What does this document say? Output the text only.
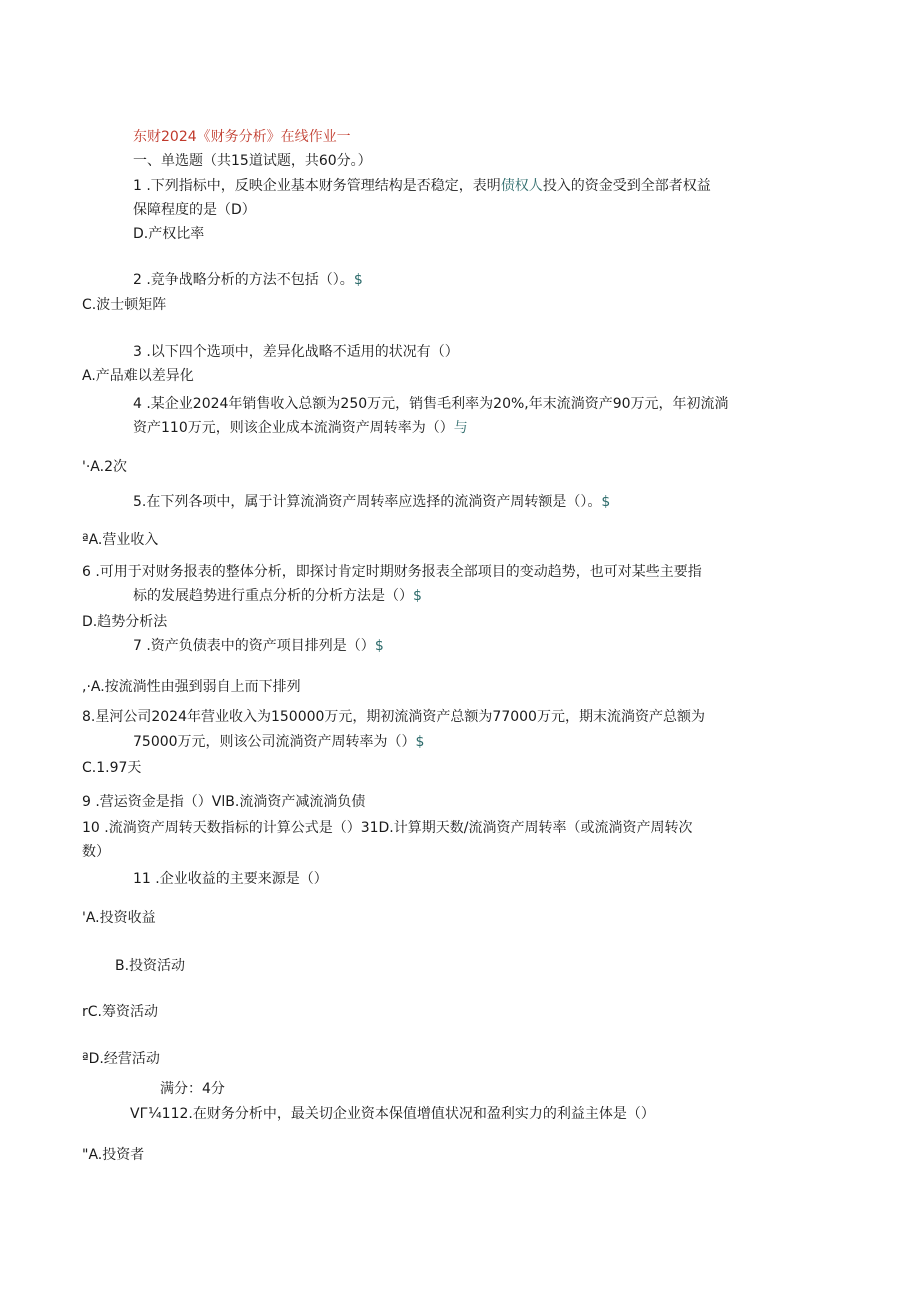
东财2024《财务分析》在线作业一
一、单选题（共15道试题，共60分。）
1 .下列指标中，反映企业基本财务管理结构是否稳定，表明债权人投入的资金受到全部者权益
保障程度的是（D）
D.产权比率
2 .竞争战略分析的方法不包括（）。$
C.波士顿矩阵
3 .以下四个选项中，差异化战略不适用的状况有（）
A.产品难以差异化
4 .某企业2024年销售收入总额为250万元，销售毛利率为20%,年末流淌资产90万元，年初流淌
资产110万元，则该企业成本流淌资产周转率为（）与
'·A.2次
5.在下列各项中，属于计算流淌资产周转率应选择的流淌资产周转额是（）。$
ªA.营业收入
6 .可用于对财务报表的整体分析，即探讨肯定时期财务报表全部项目的变动趋势，也可对某些主要指
标的发展趋势进行重点分析的分析方法是（）$
D.趋势分析法
7 .资产负债表中的资产项目排列是（）$
,·A.按流淌性由强到弱自上而下排列
8.星河公司2024年营业收入为150000万元，期初流淌资产总额为77000万元，期末流淌资产总额为
75000万元，则该公司流淌资产周转率为（）$
C.1.97天
9 .营运资金是指（）VlB.流淌资产减流淌负债
10 .流淌资产周转天数指标的计算公式是（）31D.计算期天数/流淌资产周转率（或流淌资产周转次
数）
11 .企业收益的主要来源是（）
'A.投资收益
B.投资活动
rC.筹资活动
ªD.经营活动
满分：4分
VГ¼112.在财务分析中，最关切企业资本保值增值状况和盈利实力的利益主体是（）
"A.投资者
